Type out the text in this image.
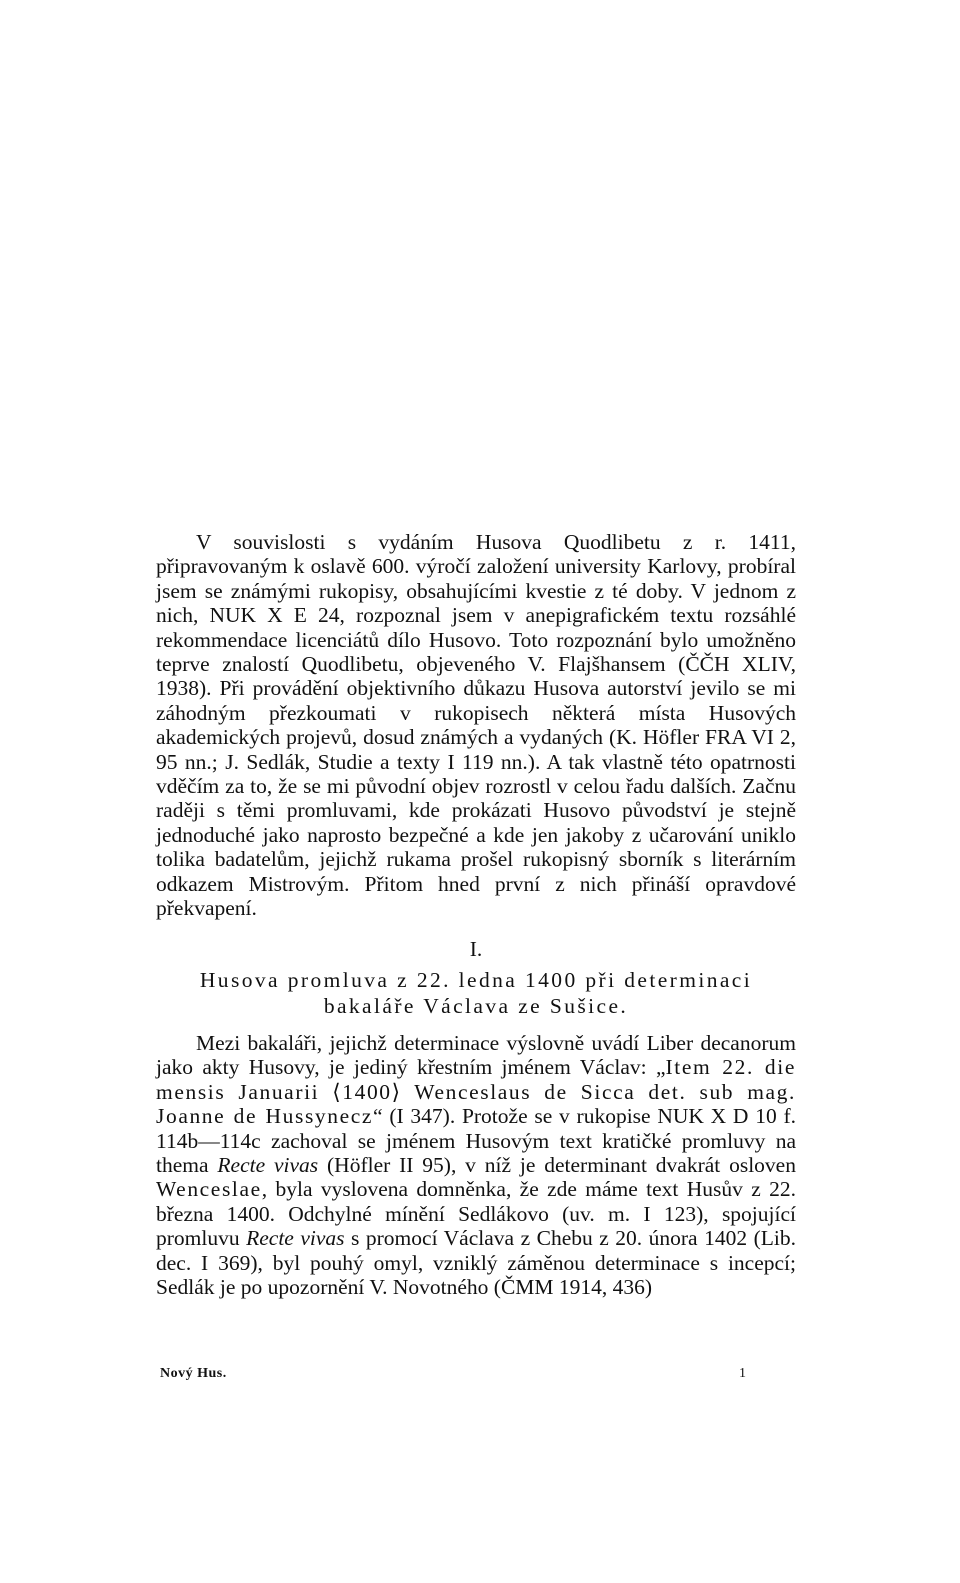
V souvislosti s vydáním Husova Quodlibetu z r. 1411, připravovaným k oslavě 600. výročí založení university Karlovy, probíral jsem se známými rukopisy, obsahujícími kvestie z té doby. V jednom z nich, NUK X E 24, rozpoznal jsem v anepigrafickém textu rozsáhlé rekommendace licenciátů dílo Husovo. Toto rozpoznání bylo umožněno teprve znalostí Quodlibetu, objeveného V. Flajšhansem (ČČH XLIV, 1938). Při provádění objektivního důkazu Husova autorství jevilo se mi záhodným přezkoumati v rukopisech některá místa Husových akademických projevů, dosud známých a vydaných (K. Höfler FRA VI 2, 95 nn.; J. Sedlák, Studie a texty I 119 nn.). A tak vlastně této opatrnosti vděčím za to, že se mi původní objev rozrostl v celou řadu dalších. Začnu raději s těmi promluvami, kde prokázati Husovo původství je stejně jednoduché jako naprosto bezpečné a kde jen jakoby z učarování uniklo tolika badatelům, jejichž rukama prošel rukopisný sborník s literárním odkazem Mistrovým. Přitom hned první z nich přináší opravdové překvapení.

I.
Husova promluva z 22. ledna 1400 při determinaci
bakaláře Václava ze Sušice.

Mezi bakaláři, jejichž determinace výslovně uvádí Liber decanorum jako akty Husovy, je jediný křestním jménem Václav: „Item 22. die mensis Januarii ⟨1400⟩ Wenceslaus de Sicca det. sub mag. Joanne de Hussynecz“ (I 347). Protože se v rukopise NUK X D 10 f. 114b—114c zachoval se jménem Husovým text kratičké promluvy na thema Recte vivas (Höfler II 95), v níž je determinant dvakrát osloven Wenceslae, byla vyslovena domněnka, že zde máme text Husův z 22. března 1400. Odchylné mínění Sedlákovo (uv. m. I 123), spojující promluvu Recte vivas s promocí Václava z Chebu z 20. února 1402 (Lib. dec. I 369), byl pouhý omyl, vzniklý záměnou determinace s incepcí; Sedlák je po upozornění V. Novotného (ČMM 1914, 436)

Nový Hus.	1
